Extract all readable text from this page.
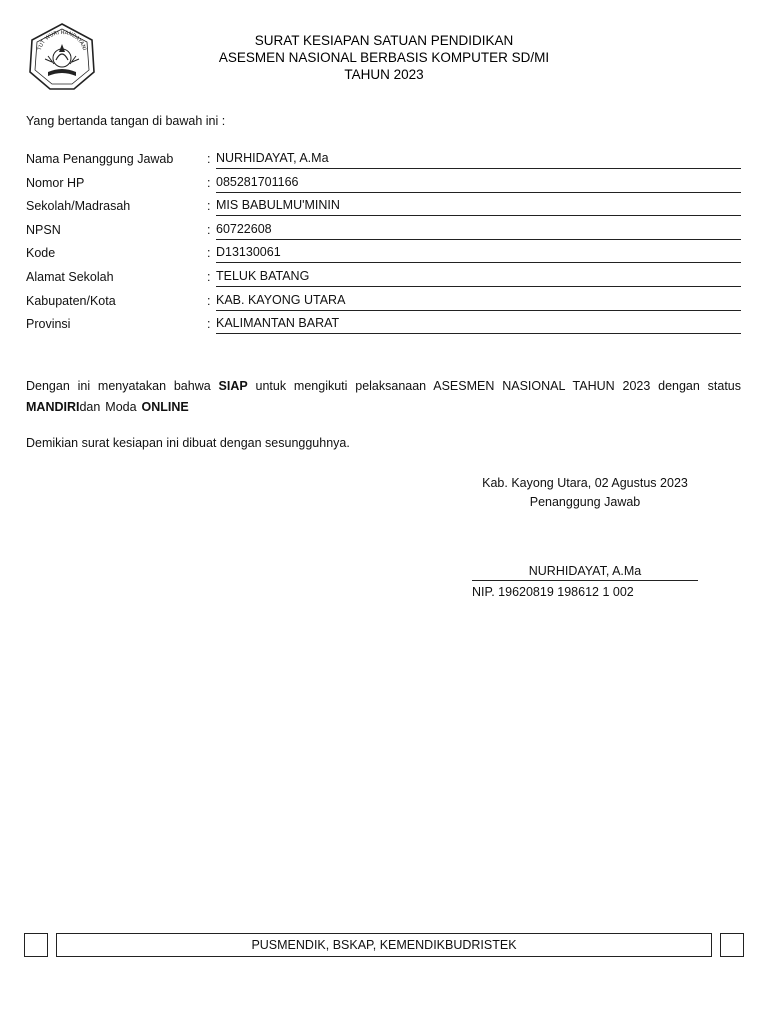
TUT WURI HANDAYANI
SURAT KESIAPAN SATUAN PENDIDIKAN
ASESMEN NASIONAL BERBASIS KOMPUTER SD/MI
TAHUN 2023
Yang bertanda tangan di bawah ini :
Nama Penanggung Jawab	: NURHIDAYAT, A.Ma
Nomor HP	: 085281701166
Sekolah/Madrasah	: MIS BABULMU'MININ
NPSN	: 60722608
Kode	: D13130061
Alamat Sekolah	: TELUK BATANG
Kabupaten/Kota	: KAB. KAYONG UTARA
Provinsi	: KALIMANTAN BARAT
Dengan ini menyatakan bahwa SIAP untuk mengikuti pelaksanaan ASESMEN NASIONAL TAHUN 2023 dengan status MANDIRIdan Moda ONLINE
Demikian surat kesiapan ini dibuat dengan sesungguhnya.
Kab. Kayong Utara, 02 Agustus 2023
Penanggung Jawab
NURHIDAYAT, A.Ma
NIP. 19620819 198612 1 002
PUSMENDIK, BSKAP, KEMENDIKBUDRISTEK
